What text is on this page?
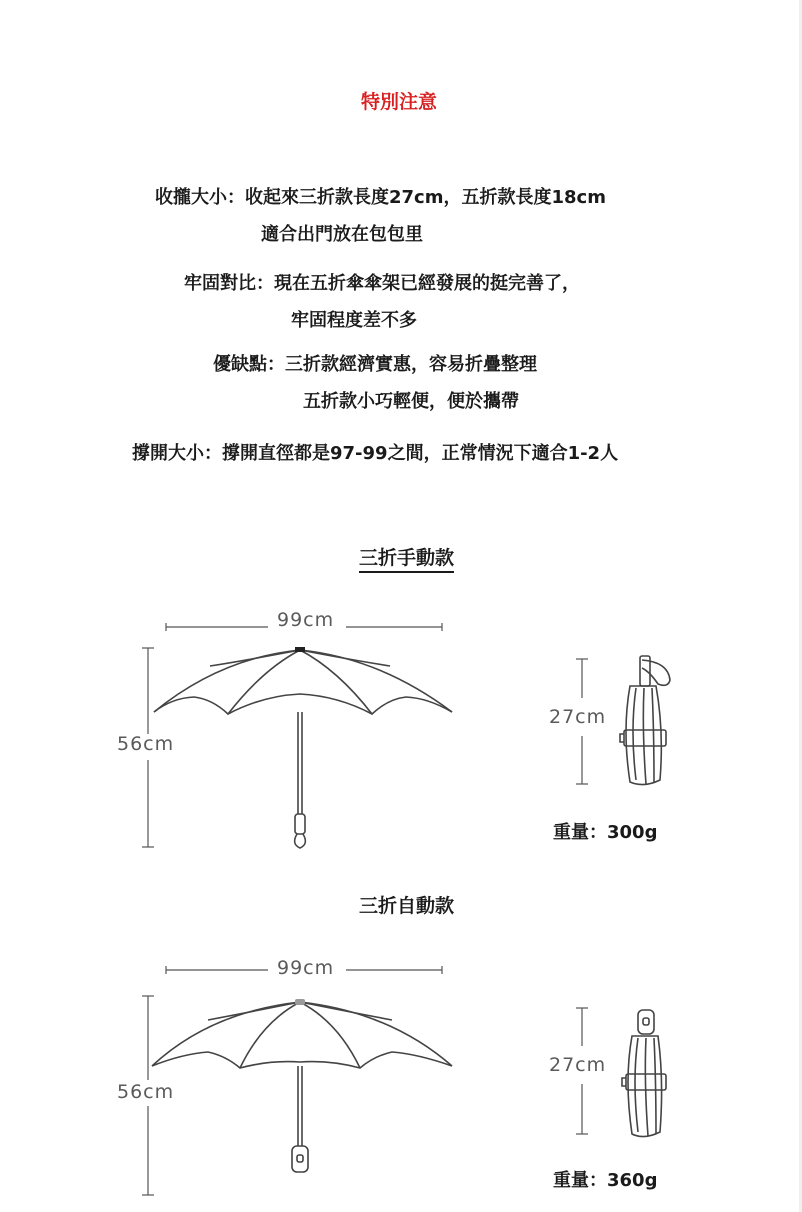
特別注意
收攏大小：收起來三折款長度27cm，五折款長度18cm
適合出門放在包包里
牢固對比：現在五折傘傘架已經發展的挺完善了，
牢固程度差不多
優缺點：三折款經濟實惠，容易折疊整理
五折款小巧輕便，便於攜帶
撐開大小：撐開直徑都是97-99之間，正常情況下適合1-2人
三折手動款
99cm
56cm
27cm
重量：300g
三折自動款
99cm
56cm
27cm
重量：360g
